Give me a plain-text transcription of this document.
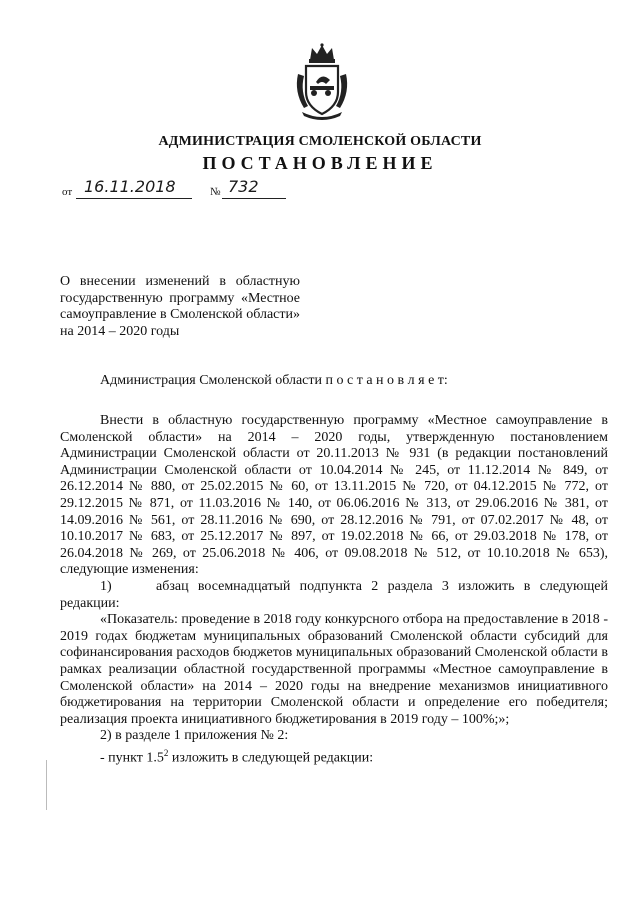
АДМИНИСТРАЦИЯ СМОЛЕНСКОЙ ОБЛАСТИ
ПОСТАНОВЛЕНИЕ
от 16.11.2018	№ 732

О внесении изменений в областную государственную программу «Местное самоуправление в Смоленской области» на 2014 – 2020 годы

Администрация Смоленской области п о с т а н о в л я е т:

Внести в областную государственную программу «Местное самоуправление в Смоленской области» на 2014 – 2020 годы, утвержденную постановлением Администрации Смоленской области от 20.11.2013 № 931 (в редакции постановлений Администрации Смоленской области от 10.04.2014 № 245, от 11.12.2014 № 849, от 26.12.2014 № 880, от 25.02.2015 № 60, от 13.11.2015 № 720, от 04.12.2015 № 772, от 29.12.2015 № 871, от 11.03.2016 № 140, от 06.06.2016 № 313, от 29.06.2016 № 381, от 14.09.2016 № 561, от 28.11.2016 № 690, от 28.12.2016 № 791, от 07.02.2017 № 48, от 10.10.2017 № 683, от 25.12.2017 № 897, от 19.02.2018 № 66, от 29.03.2018 № 178, от 26.04.2018 № 269, от 25.06.2018 № 406, от 09.08.2018 № 512, от 10.10.2018 № 653), следующие изменения:

1)	абзац восемнадцатый подпункта 2 раздела 3 изложить в следующей редакции:

«Показатель: проведение в 2018 году конкурсного отбора на предоставление в 2018 - 2019 годах бюджетам муниципальных образований Смоленской области субсидий для софинансирования расходов бюджетов муниципальных образований Смоленской области в рамках реализации областной государственной программы «Местное самоуправление в Смоленской области» на 2014 – 2020 годы на внедрение механизмов инициативного бюджетирования на территории Смоленской области и определение его победителя; реализация проекта инициативного бюджетирования в 2019 году – 100%;»;

2) в разделе 1 приложения № 2:

- пункт $1.5^2$ изложить в следующей редакции:
